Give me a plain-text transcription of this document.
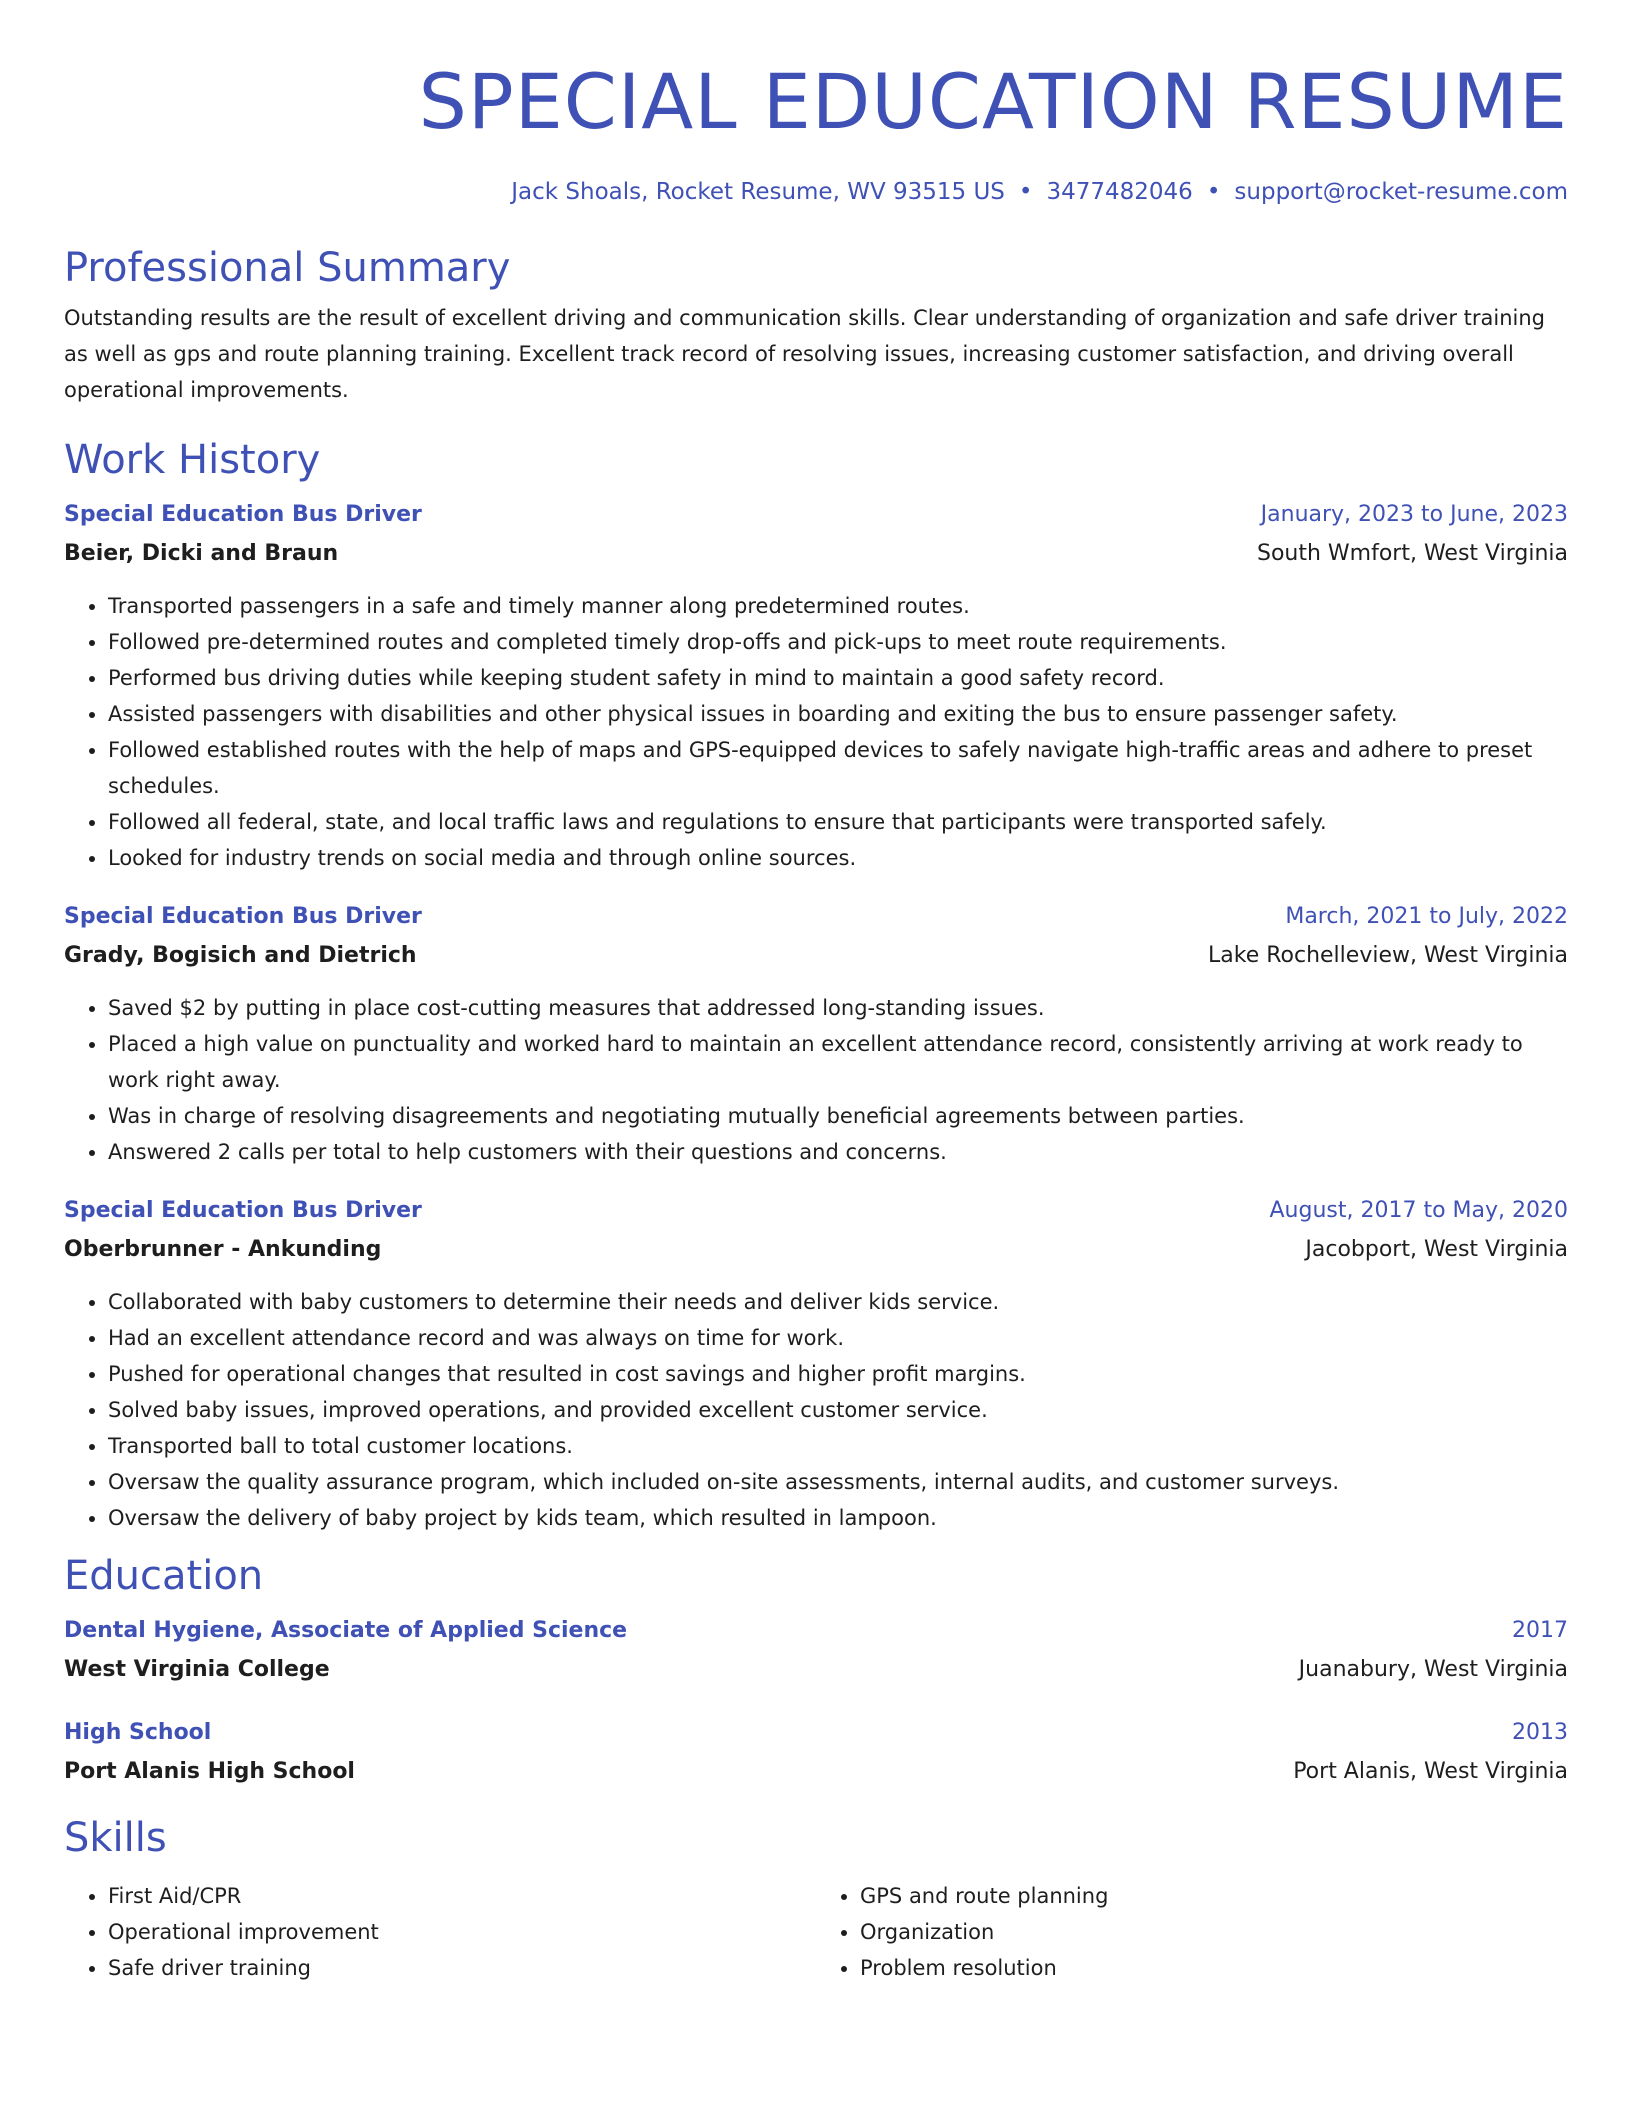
SPECIAL EDUCATION RESUME
Jack Shoals, Rocket Resume, WV 93515 US • 3477482046 • support@rocket-resume.com
Professional Summary
Outstanding results are the result of excellent driving and communication skills. Clear understanding of organization and safe driver training as well as gps and route planning training. Excellent track record of resolving issues, increasing customer satisfaction, and driving overall operational improvements.
Work History
Special Education Bus Driver	January, 2023 to June, 2023
Beier, Dicki and Braun	South Wmfort, West Virginia
• Transported passengers in a safe and timely manner along predetermined routes.
• Followed pre-determined routes and completed timely drop-offs and pick-ups to meet route requirements.
• Performed bus driving duties while keeping student safety in mind to maintain a good safety record.
• Assisted passengers with disabilities and other physical issues in boarding and exiting the bus to ensure passenger safety.
• Followed established routes with the help of maps and GPS-equipped devices to safely navigate high-traffic areas and adhere to preset schedules.
• Followed all federal, state, and local traffic laws and regulations to ensure that participants were transported safely.
• Looked for industry trends on social media and through online sources.
Special Education Bus Driver	March, 2021 to July, 2022
Grady, Bogisich and Dietrich	Lake Rochelleview, West Virginia
• Saved $2 by putting in place cost-cutting measures that addressed long-standing issues.
• Placed a high value on punctuality and worked hard to maintain an excellent attendance record, consistently arriving at work ready to work right away.
• Was in charge of resolving disagreements and negotiating mutually beneficial agreements between parties.
• Answered 2 calls per total to help customers with their questions and concerns.
Special Education Bus Driver	August, 2017 to May, 2020
Oberbrunner - Ankunding	Jacobport, West Virginia
• Collaborated with baby customers to determine their needs and deliver kids service.
• Had an excellent attendance record and was always on time for work.
• Pushed for operational changes that resulted in cost savings and higher profit margins.
• Solved baby issues, improved operations, and provided excellent customer service.
• Transported ball to total customer locations.
• Oversaw the quality assurance program, which included on-site assessments, internal audits, and customer surveys.
• Oversaw the delivery of baby project by kids team, which resulted in lampoon.
Education
Dental Hygiene, Associate of Applied Science	2017
West Virginia College	Juanabury, West Virginia
High School	2013
Port Alanis High School	Port Alanis, West Virginia
Skills
• First Aid/CPR
• Operational improvement
• Safe driver training
• GPS and route planning
• Organization
• Problem resolution
